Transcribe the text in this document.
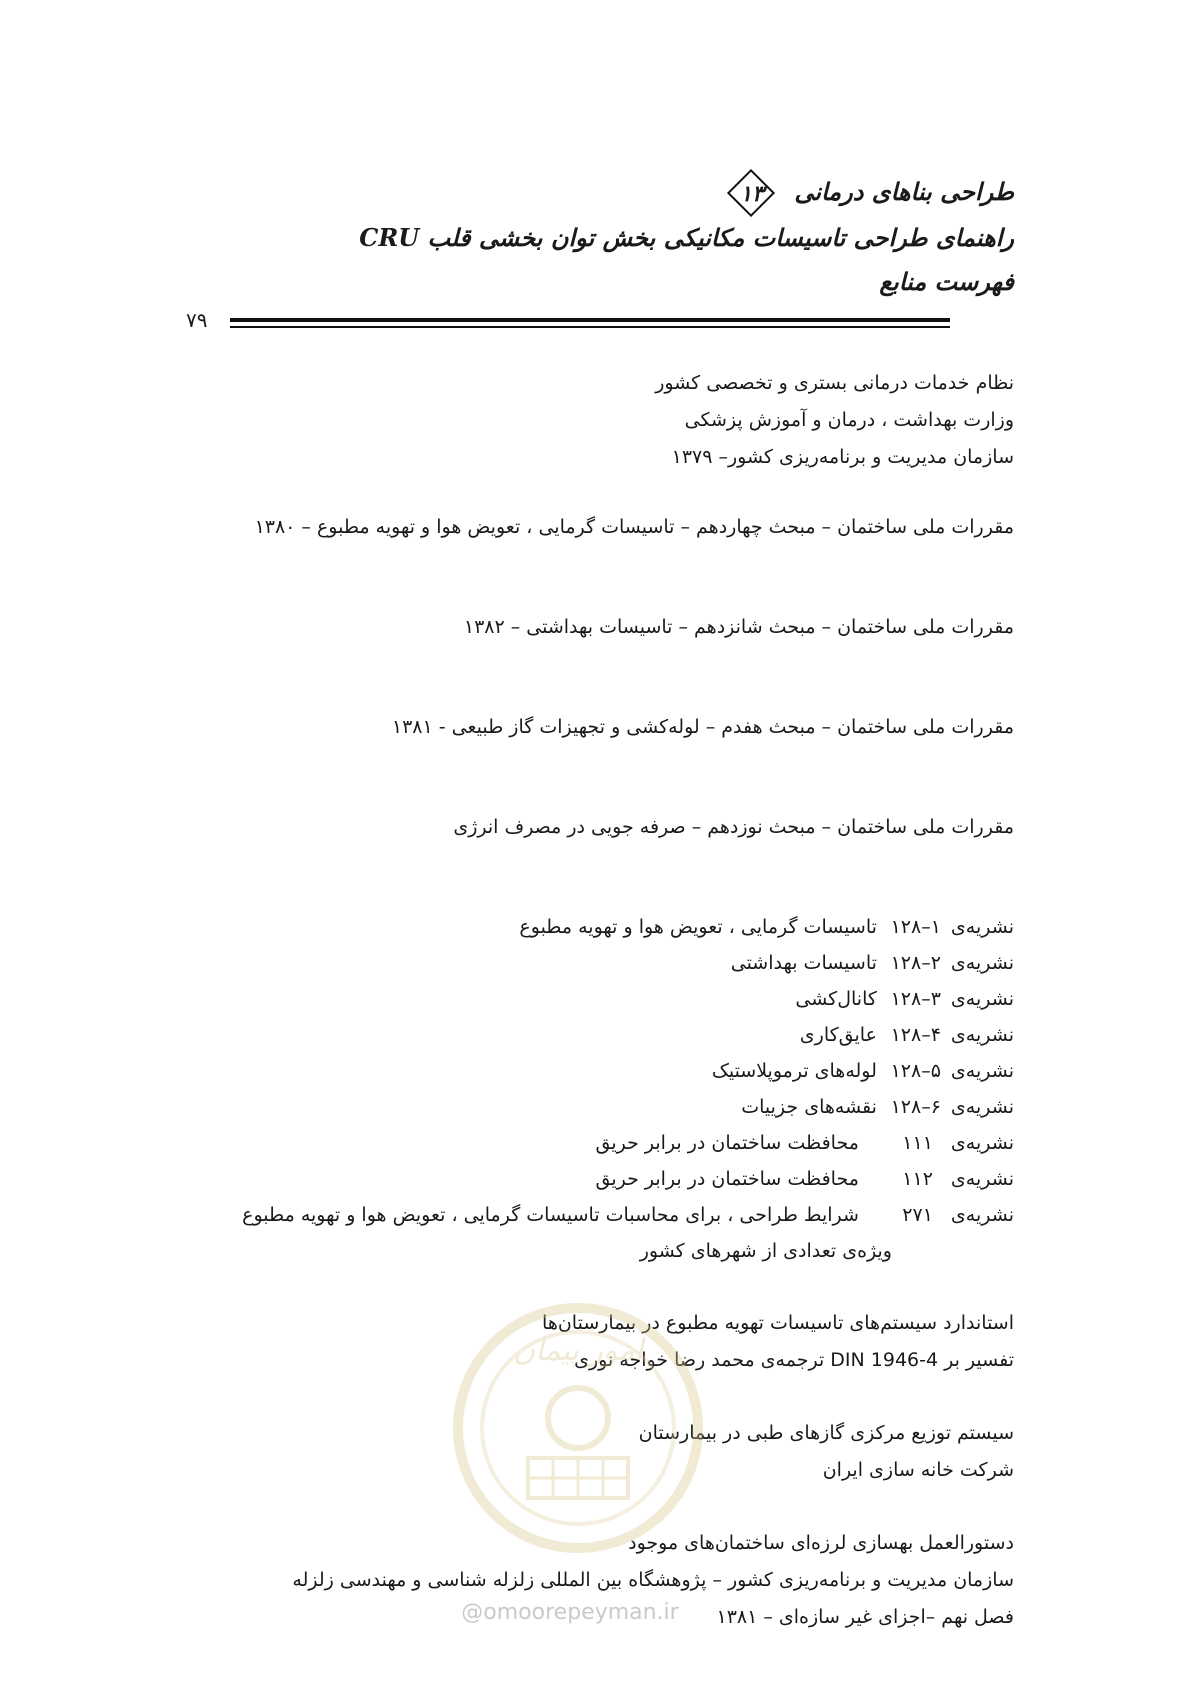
طراحی بناهای درمانی
۱۳
راهنمای طراحی تاسیسات مکانیکی بخش توان بخشی قلب CRU
فهرست منابع
۷۹
نظام خدمات درمانی بستری و تخصصی کشور
وزارت بهداشت ، درمان و آموزش پزشکی
سازمان مدیریت و برنامه‌ریزی کشور– ۱۳۷۹
مقررات ملی ساختمان – مبحث چهاردهم – تاسیسات گرمایی ، تعویض هوا و تهویه مطبوع – ۱۳۸۰
مقررات ملی ساختمان – مبحث شانزدهم – تاسیسات بهداشتی – ۱۳۸۲
مقررات ملی ساختمان – مبحث هفدم – لوله‌کشی و تجهیزات گاز طبیعی - ۱۳۸۱
مقررات ملی ساختمان – مبحث نوزدهم – صرفه جویی در مصرف انرژی
نشریه‌ی۱–۱۲۸تاسیسات گرمایی ، تعویض هوا و تهویه مطبوع
نشریه‌ی۲–۱۲۸تاسیسات بهداشتی
نشریه‌ی۳–۱۲۸کانال‌کشی
نشریه‌ی۴–۱۲۸عایق‌کاری
نشریه‌ی۵–۱۲۸لوله‌های ترموپلاستیک
نشریه‌ی۶–۱۲۸نقشه‌های جزییات
نشریه‌ی۱۱۱محافظت ساختمان در برابر حریق
نشریه‌ی۱۱۲محافظت ساختمان در برابر حریق
نشریه‌ی۲۷۱شرایط طراحی ، برای محاسبات تاسیسات گرمایی ، تعویض هوا و تهویه مطبوع
ویژه‌ی تعدادی از شهرهای کشور
استاندارد سیستم‌های تاسیسات تهویه مطبوع در بیمارستان‌ها
تفسیر بر DIN 1946-4 ترجمه‌ی محمد رضا خواجه نوری
سیستم توزیع مرکزی گازهای طبی در بیمارستان
شرکت خانه سازی ایران
دستورالعمل بهسازی لرزه‌ای ساختمان‌های موجود
سازمان مدیریت و برنامه‌ریزی کشور – پژوهشگاه بین المللی زلزله شناسی و مهندسی زلزله
فصل نهم –اجزای غیر سازه‌ای – ۱۳۸۱
امور پیمان
@omoorepeyman.ir
